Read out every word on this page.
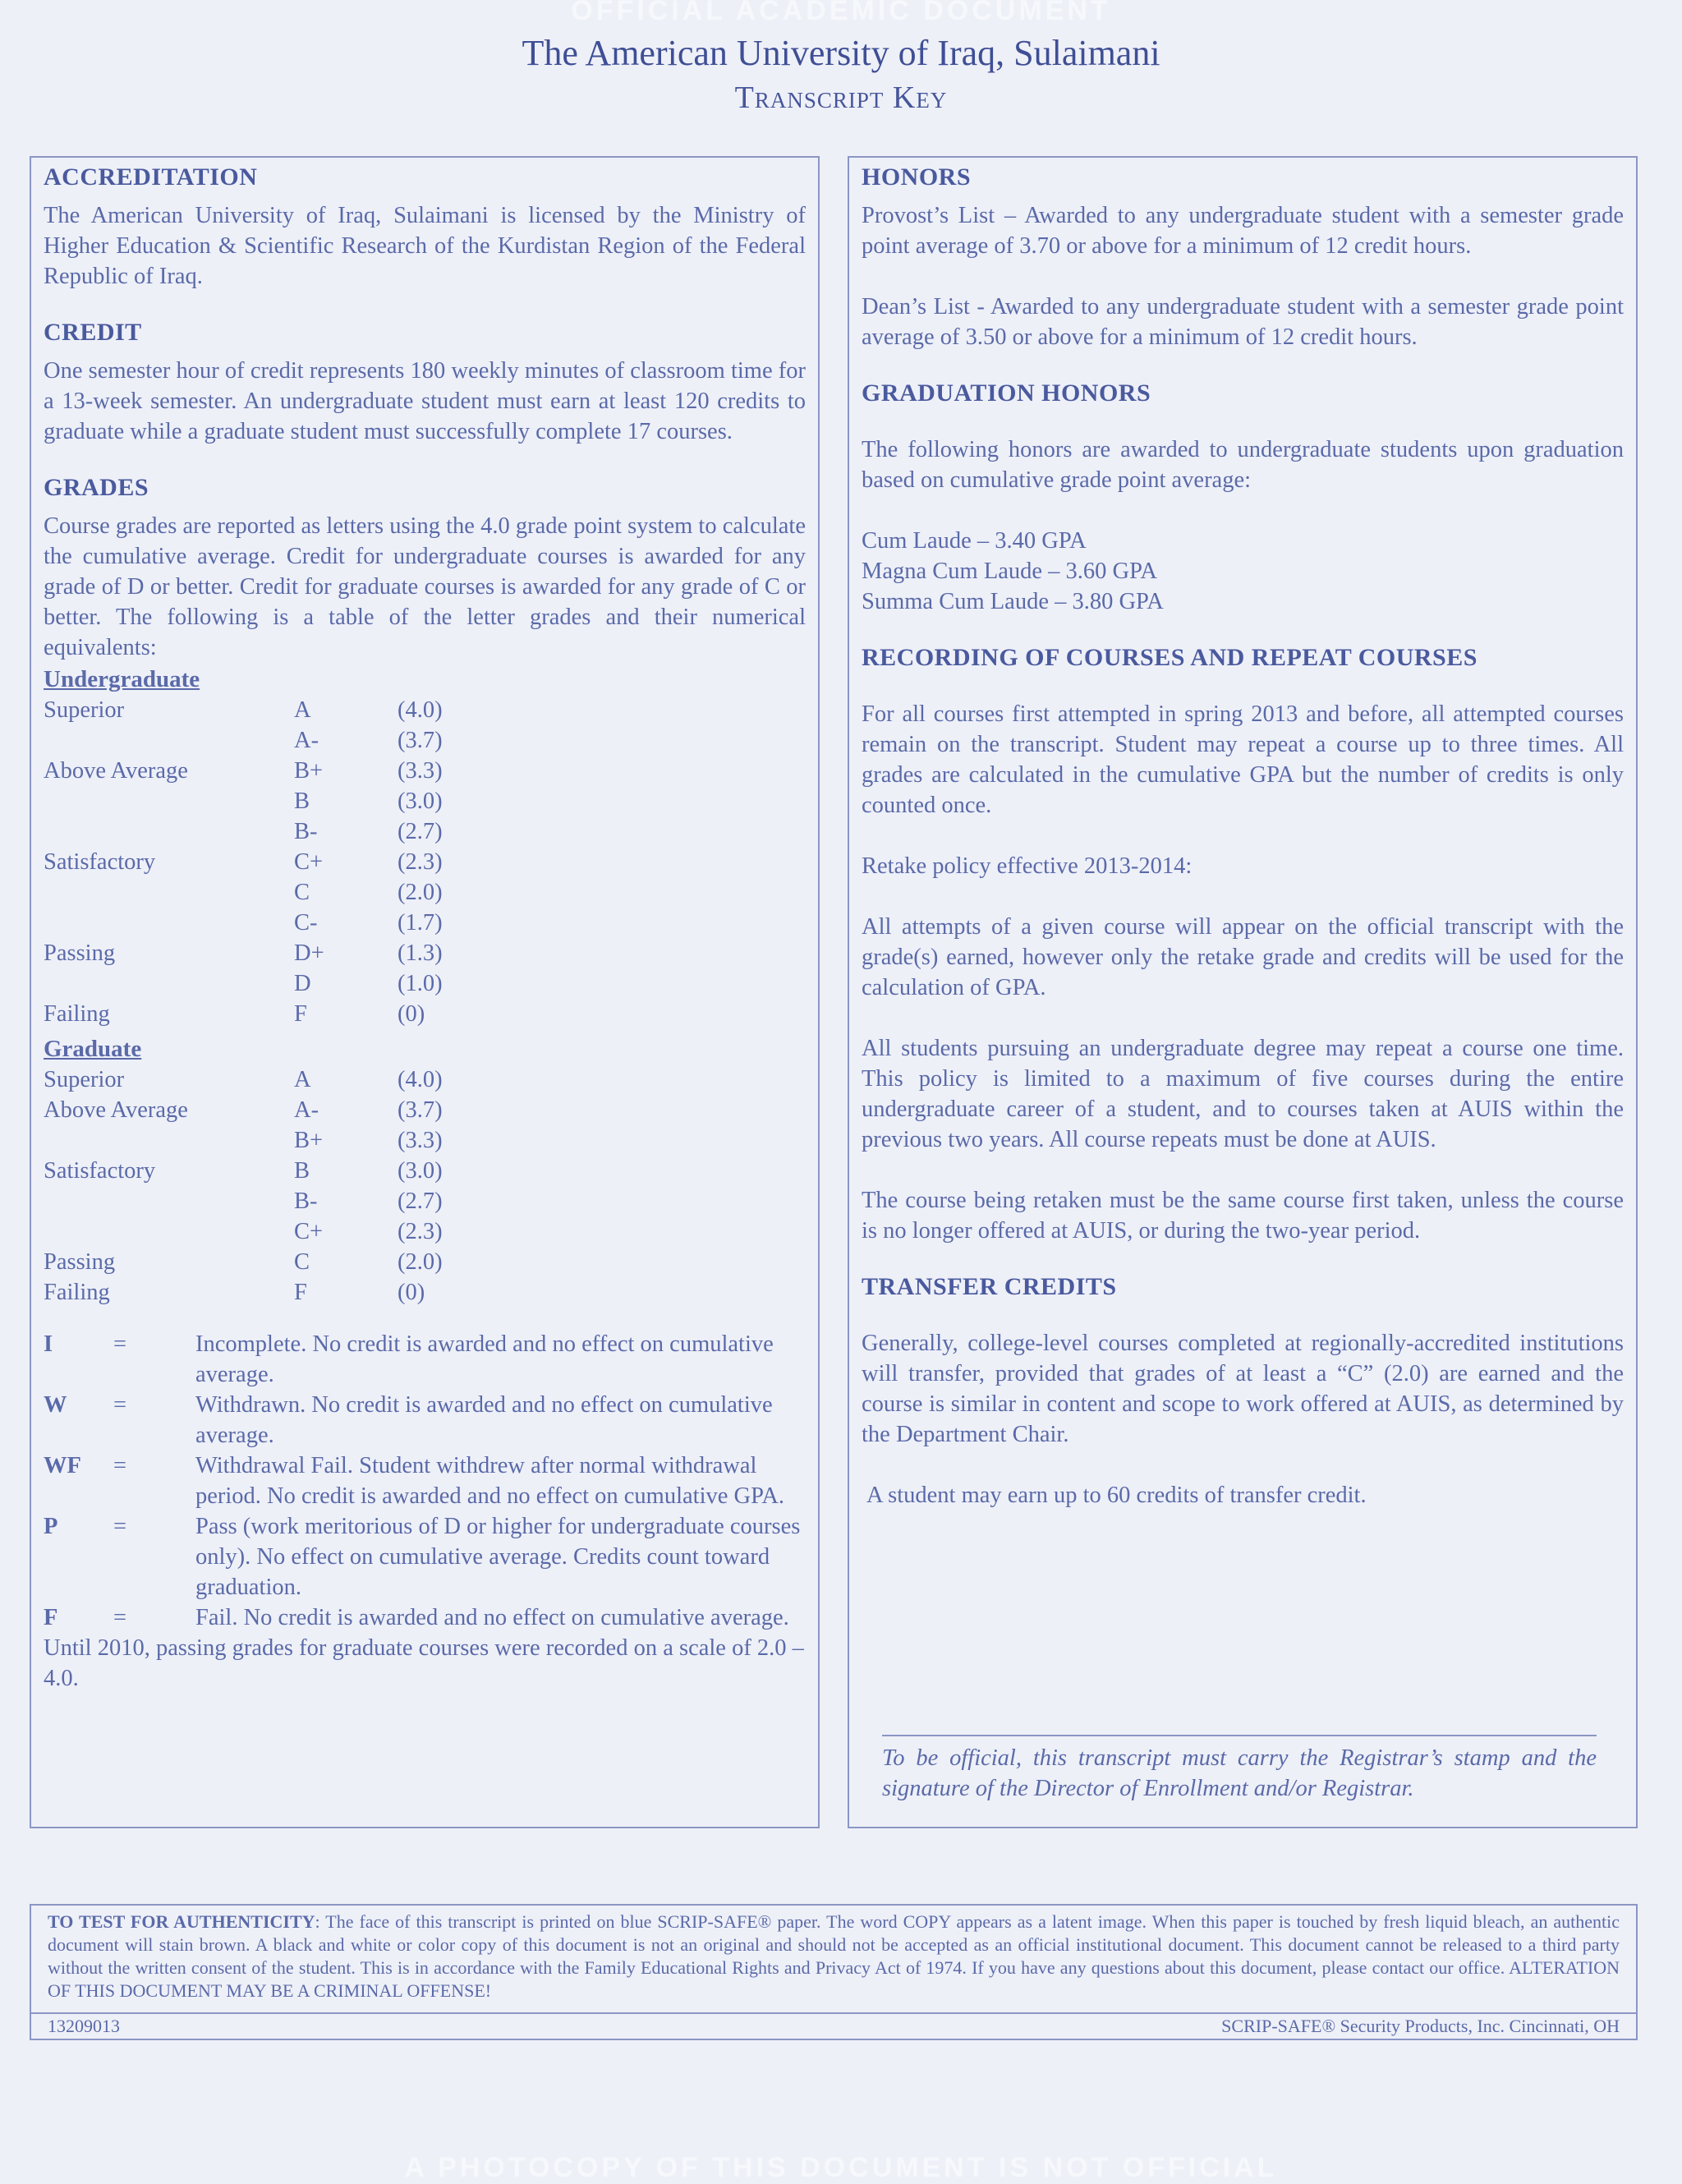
OFFICIAL ACADEMIC DOCUMENT
The American University of Iraq, Sulaimani
Transcript Key
ACCREDITATION

The American University of Iraq, Sulaimani is licensed by the Ministry of Higher Education & Scientific Research of the Kurdistan Region of the Federal Republic of Iraq.

CREDIT

One semester hour of credit represents 180 weekly minutes of classroom time for a 13-week semester. An undergraduate student must earn at least 120 credits to graduate while a graduate student must successfully complete 17 courses.

GRADES

Course grades are reported as letters using the 4.0 grade point system to calculate the cumulative average. Credit for undergraduate courses is awarded for any grade of D or better. Credit for graduate courses is awarded for any grade of C or better. The following is a table of the letter grades and their numerical equivalents:

Undergraduate

Superior	A	(4.0)
	A-	(3.7)
Above Average	B+	(3.3)
	B	(3.0)
	B-	(2.7)
Satisfactory	C+	(2.3)
	C	(2.0)
	C-	(1.7)
Passing	D+	(1.3)
	D	(1.0)
Failing	F	(0)

Graduate

Superior	A	(4.0)
Above Average	A-	(3.7)
	B+	(3.3)
Satisfactory	B	(3.0)
	B-	(2.7)
	C+	(2.3)
Passing	C	(2.0)
Failing	F	(0)
I	=	Incomplete. No credit is awarded and no effect on cumulative average.
W	=	Withdrawn. No credit is awarded and no effect on cumulative average.
WF	=	Withdrawal Fail. Student withdrew after normal withdrawal period. No credit is awarded and no effect on cumulative GPA.
P	=	Pass (work meritorious of D or higher for undergraduate courses only). No effect on cumulative average. Credits count toward graduation.
F	=	Fail. No credit is awarded and no effect on cumulative average.

Until 2010, passing grades for graduate courses were recorded on a scale of 2.0 – 4.0.

HONORS

Provost’s List – Awarded to any undergraduate student with a semester grade point average of 3.70 or above for a minimum of 12 credit hours.

Dean’s List - Awarded to any undergraduate student with a semester grade point average of 3.50 or above for a minimum of 12 credit hours.

GRADUATION HONORS

The following honors are awarded to undergraduate students upon graduation based on cumulative grade point average:

Cum Laude – 3.40 GPA

Magna Cum Laude – 3.60 GPA

Summa Cum Laude – 3.80 GPA

RECORDING OF COURSES AND REPEAT COURSES

For all courses first attempted in spring 2013 and before, all attempted courses remain on the transcript. Student may repeat a course up to three times. All grades are calculated in the cumulative GPA but the number of credits is only counted once.

Retake policy effective 2013-2014:

All attempts of a given course will appear on the official transcript with the grade(s) earned, however only the retake grade and credits will be used for the calculation of GPA.

All students pursuing an undergraduate degree may repeat a course one time. This policy is limited to a maximum of five courses during the entire undergraduate career of a student, and to courses taken at AUIS within the previous two years. All course repeats must be done at AUIS.

The course being retaken must be the same course first taken, unless the course is no longer offered at AUIS, or during the two-year period.

TRANSFER CREDITS

Generally, college-level courses completed at regionally-accredited institutions will transfer, provided that grades of at least a “C” (2.0) are earned and the course is similar in content and scope to work offered at AUIS, as determined by the Department Chair.

A student may earn up to 60 credits of transfer credit.

To be official, this transcript must carry the Registrar’s stamp and the signature of the Director of Enrollment and/or Registrar.

TO TEST FOR AUTHENTICITY: The face of this transcript is printed on blue SCRIP-SAFE® paper. The word COPY appears as a latent image. When this paper is touched by fresh liquid bleach, an authentic document will stain brown. A black and white or color copy of this document is not an original and should not be accepted as an official institutional document. This document cannot be released to a third party without the written consent of the student. This is in accordance with the Family Educational Rights and Privacy Act of 1974. If you have any questions about this document, please contact our office. ALTERATION OF THIS DOCUMENT MAY BE A CRIMINAL OFFENSE!

13209013	SCRIP-SAFE® Security Products, Inc. Cincinnati, OH
A PHOTOCOPY OF THIS DOCUMENT IS NOT OFFICIAL
